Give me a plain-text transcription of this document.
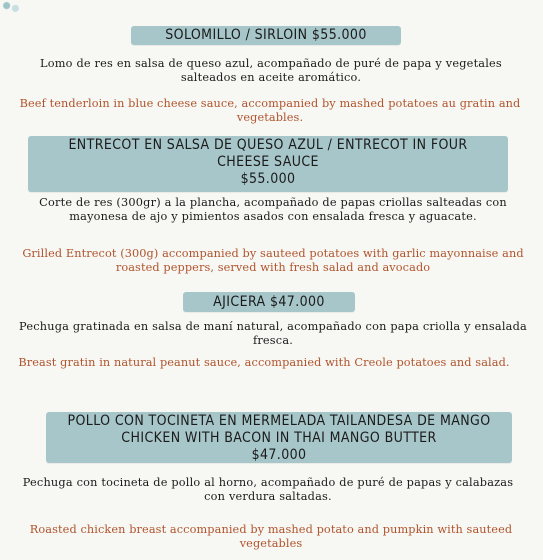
SOLOMILLO / SIRLOIN $55.000
Lomo de res en salsa de queso azul, acompañado de puré de papa y vegetales salteados en aceite aromático.
Beef tenderloin in blue cheese sauce, accompanied by mashed potatoes au gratin and vegetables.
ENTRECOT EN SALSA DE QUESO AZUL / ENTRECOT IN FOUR
CHEESE SAUCE
$55.000
Corte de res (300gr) a la plancha, acompañado de papas criollas salteadas con mayonesa de ajo y pimientos asados con ensalada fresca y aguacate.
Grilled Entrecot (300g) accompanied by sauteed potatoes with garlic mayonnaise and roasted peppers, served with fresh salad and avocado
AJICERA $47.000
Pechuga gratinada en salsa de maní natural, acompañado con papa criolla y ensalada fresca.
Breast gratin in natural peanut sauce, accompanied with Creole potatoes and salad.
POLLO CON TOCINETA EN MERMELADA TAILANDESA DE MANGO
CHICKEN WITH BACON IN THAI MANGO BUTTER
$47.000
Pechuga con tocineta de pollo al horno, acompañado de puré de papas y calabazas con verdura saltadas.
Roasted chicken breast accompanied by mashed potato and pumpkin with sauteed vegetables
